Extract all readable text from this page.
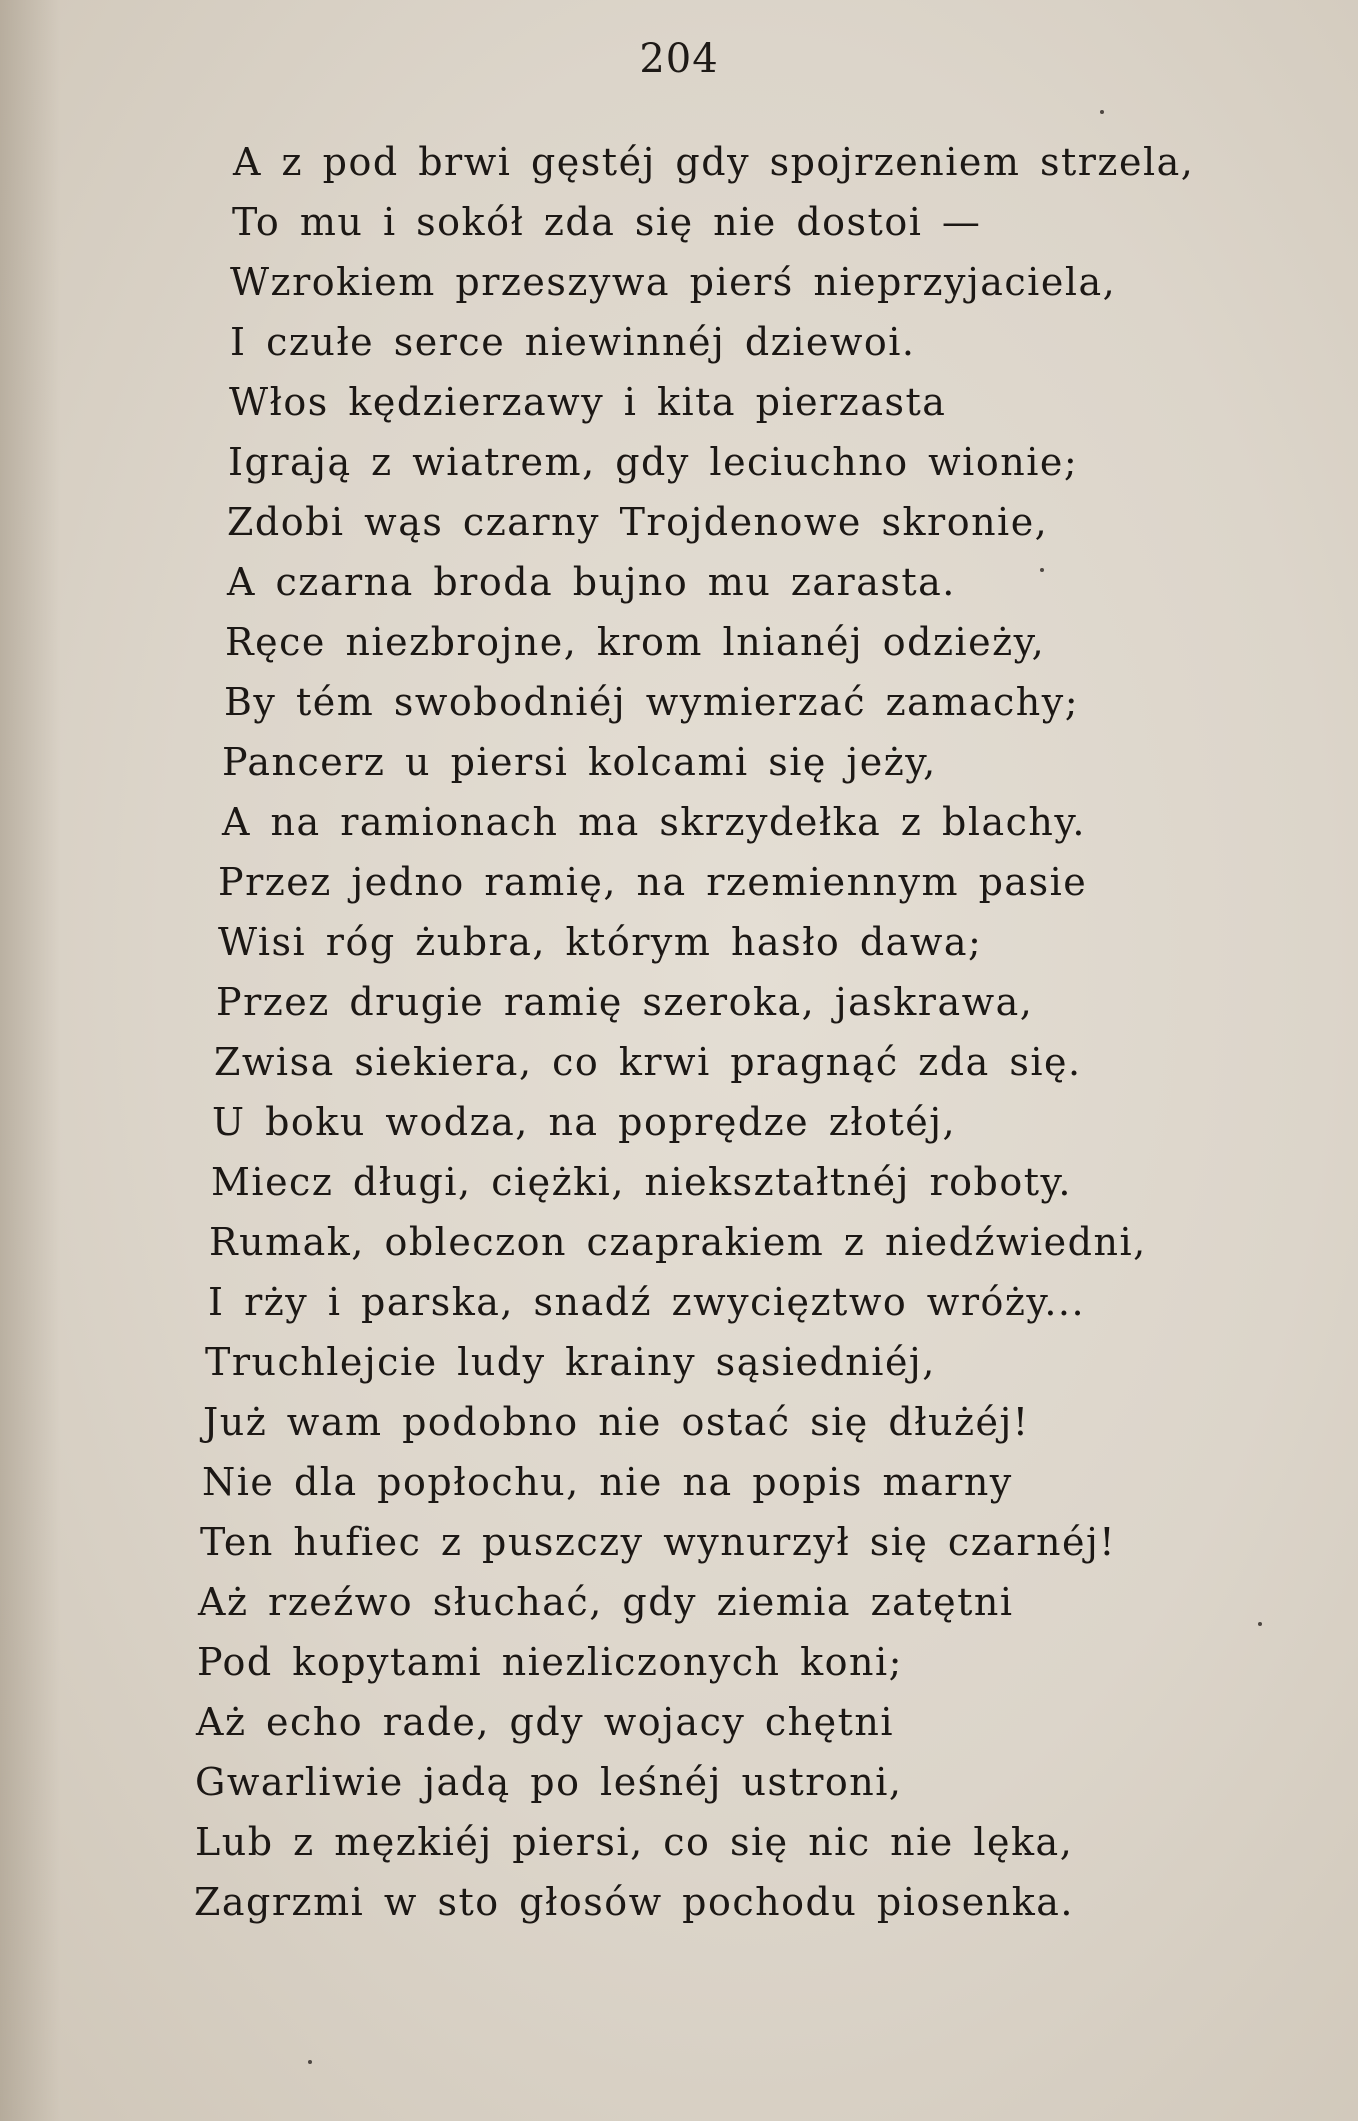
204
A z pod brwi gęstéj gdy spojrzeniem strzela,
To mu i sokół zda się nie dostoi —
Wzrokiem przeszywa pierś nieprzyjaciela,
I czułe serce niewinnéj dziewoi.
Włos kędzierzawy i kita pierzasta
Igrają z wiatrem, gdy leciuchno wionie;
Zdobi wąs czarny Trojdenowe skronie,
A czarna broda bujno mu zarasta.
Ręce niezbrojne, krom lnianéj odzieży,
By tém swobodniéj wymierzać zamachy;
Pancerz u piersi kolcami się jeży,
A na ramionach ma skrzydełka z blachy.
Przez jedno ramię, na rzemiennym pasie
Wisi róg żubra, którym hasło dawa;
Przez drugie ramię szeroka, jaskrawa,
Zwisa siekiera, co krwi pragnąć zda się.
U boku wodza, na poprędze złotéj,
Miecz długi, ciężki, niekształtnéj roboty.
Rumak, obleczon czaprakiem z niedźwiedni,
I rży i parska, snadź zwycięztwo wróży...
Truchlejcie ludy krainy sąsiedniéj,
Już wam podobno nie ostać się dłużéj!
Nie dla popłochu, nie na popis marny
Ten hufiec z puszczy wynurzył się czarnéj!
Aż rzeźwo słuchać, gdy ziemia zatętni
Pod kopytami niezliczonych koni;
Aż echo rade, gdy wojacy chętni
Gwarliwie jadą po leśnéj ustroni,
Lub z męzkiéj piersi, co się nic nie lęka,
Zagrzmi w sto głosów pochodu piosenka.
